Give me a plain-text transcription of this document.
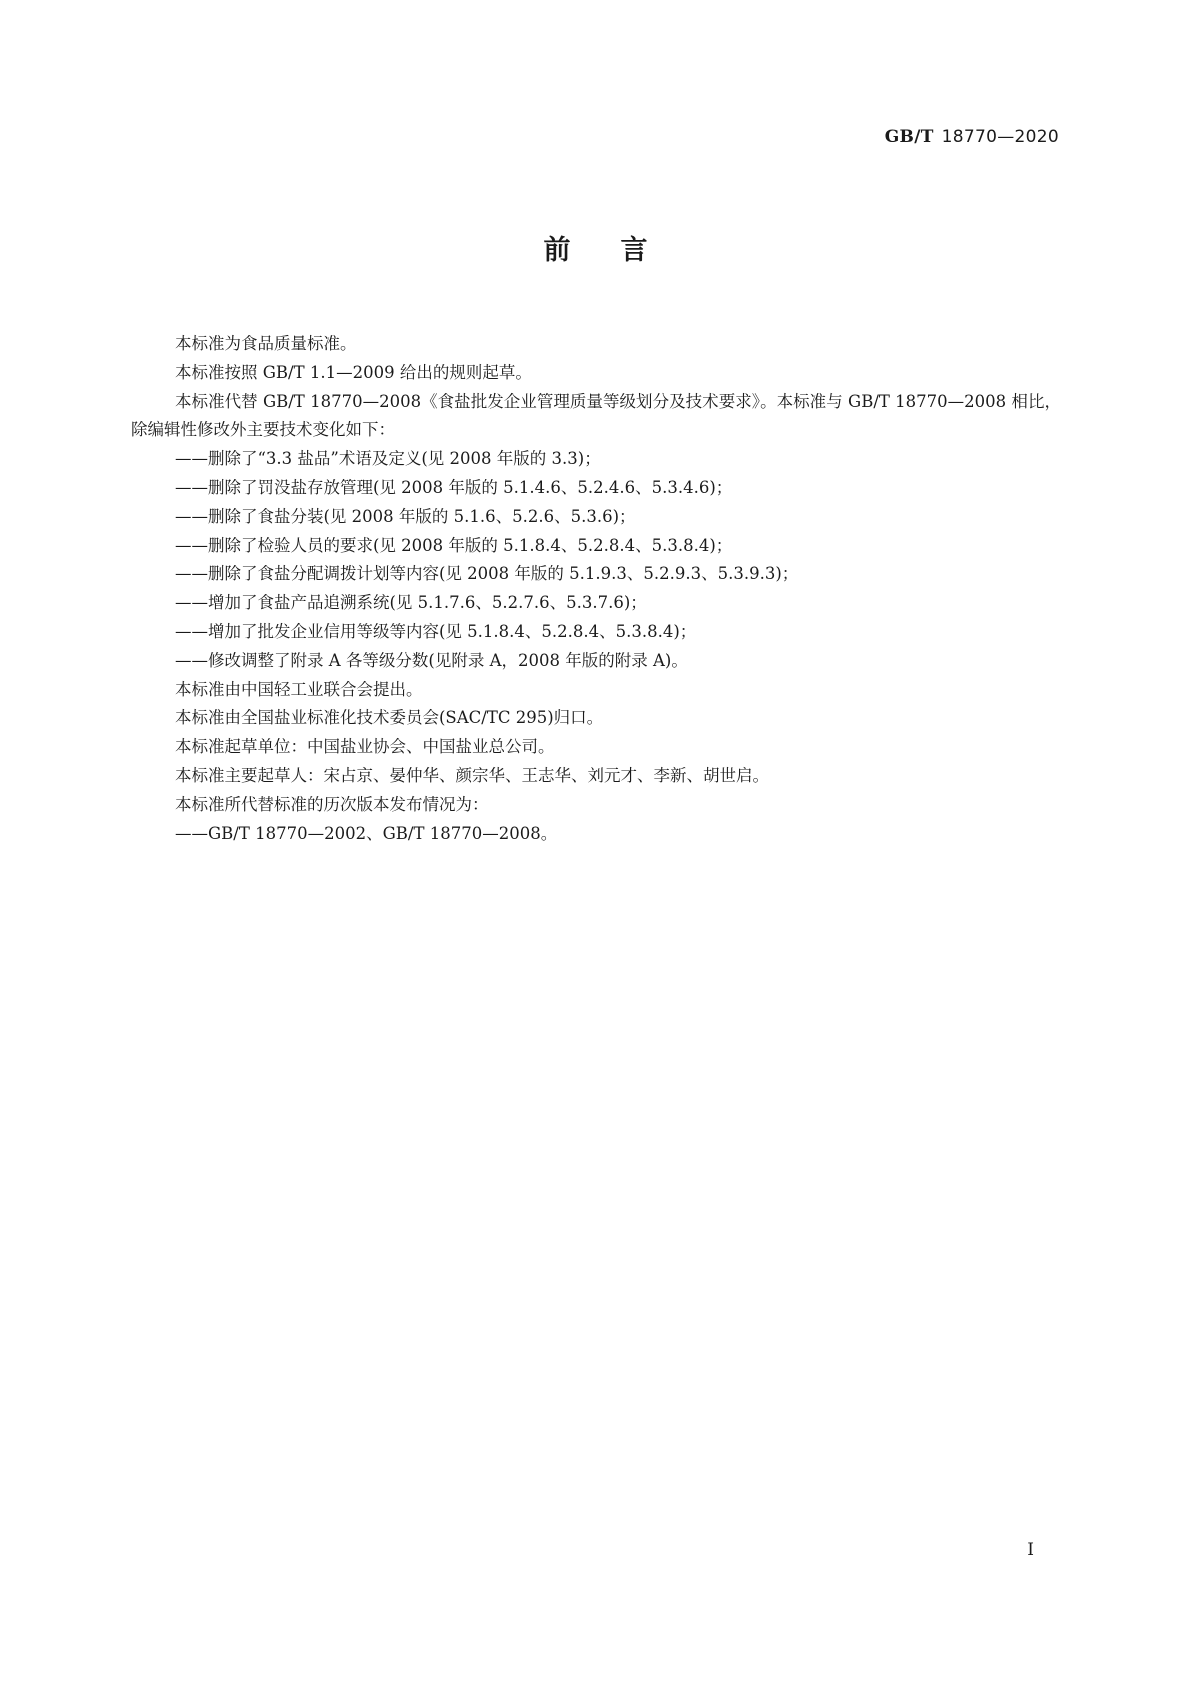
GB/T 18770—2020
前言

本标准为食品质量标准。

本标准按照 GB/T 1.1—2009 给出的规则起草。

本标准代替 GB/T 18770—2008《食盐批发企业管理质量等级划分及技术要求》。本标准与 GB/T 18770—2008 相比，除编辑性修改外主要技术变化如下：

——删除了“3.3 盐品”术语及定义(见 2008 年版的 3.3)；

——删除了罚没盐存放管理(见 2008 年版的 5.1.4.6、5.2.4.6、5.3.4.6)；

——删除了食盐分装(见 2008 年版的 5.1.6、5.2.6、5.3.6)；

——删除了检验人员的要求(见 2008 年版的 5.1.8.4、5.2.8.4、5.3.8.4)；

——删除了食盐分配调拨计划等内容(见 2008 年版的 5.1.9.3、5.2.9.3、5.3.9.3)；

——增加了食盐产品追溯系统(见 5.1.7.6、5.2.7.6、5.3.7.6)；

——增加了批发企业信用等级等内容(见 5.1.8.4、5.2.8.4、5.3.8.4)；

——修改调整了附录 A 各等级分数(见附录 A，2008 年版的附录 A)。

本标准由中国轻工业联合会提出。

本标准由全国盐业标准化技术委员会(SAC/TC 295)归口。

本标准起草单位：中国盐业协会、中国盐业总公司。

本标准主要起草人：宋占京、晏仲华、颜宗华、王志华、刘元才、李新、胡世启。

本标准所代替标准的历次版本发布情况为：

——GB/T 18770—2002、GB/T 18770—2008。

I
